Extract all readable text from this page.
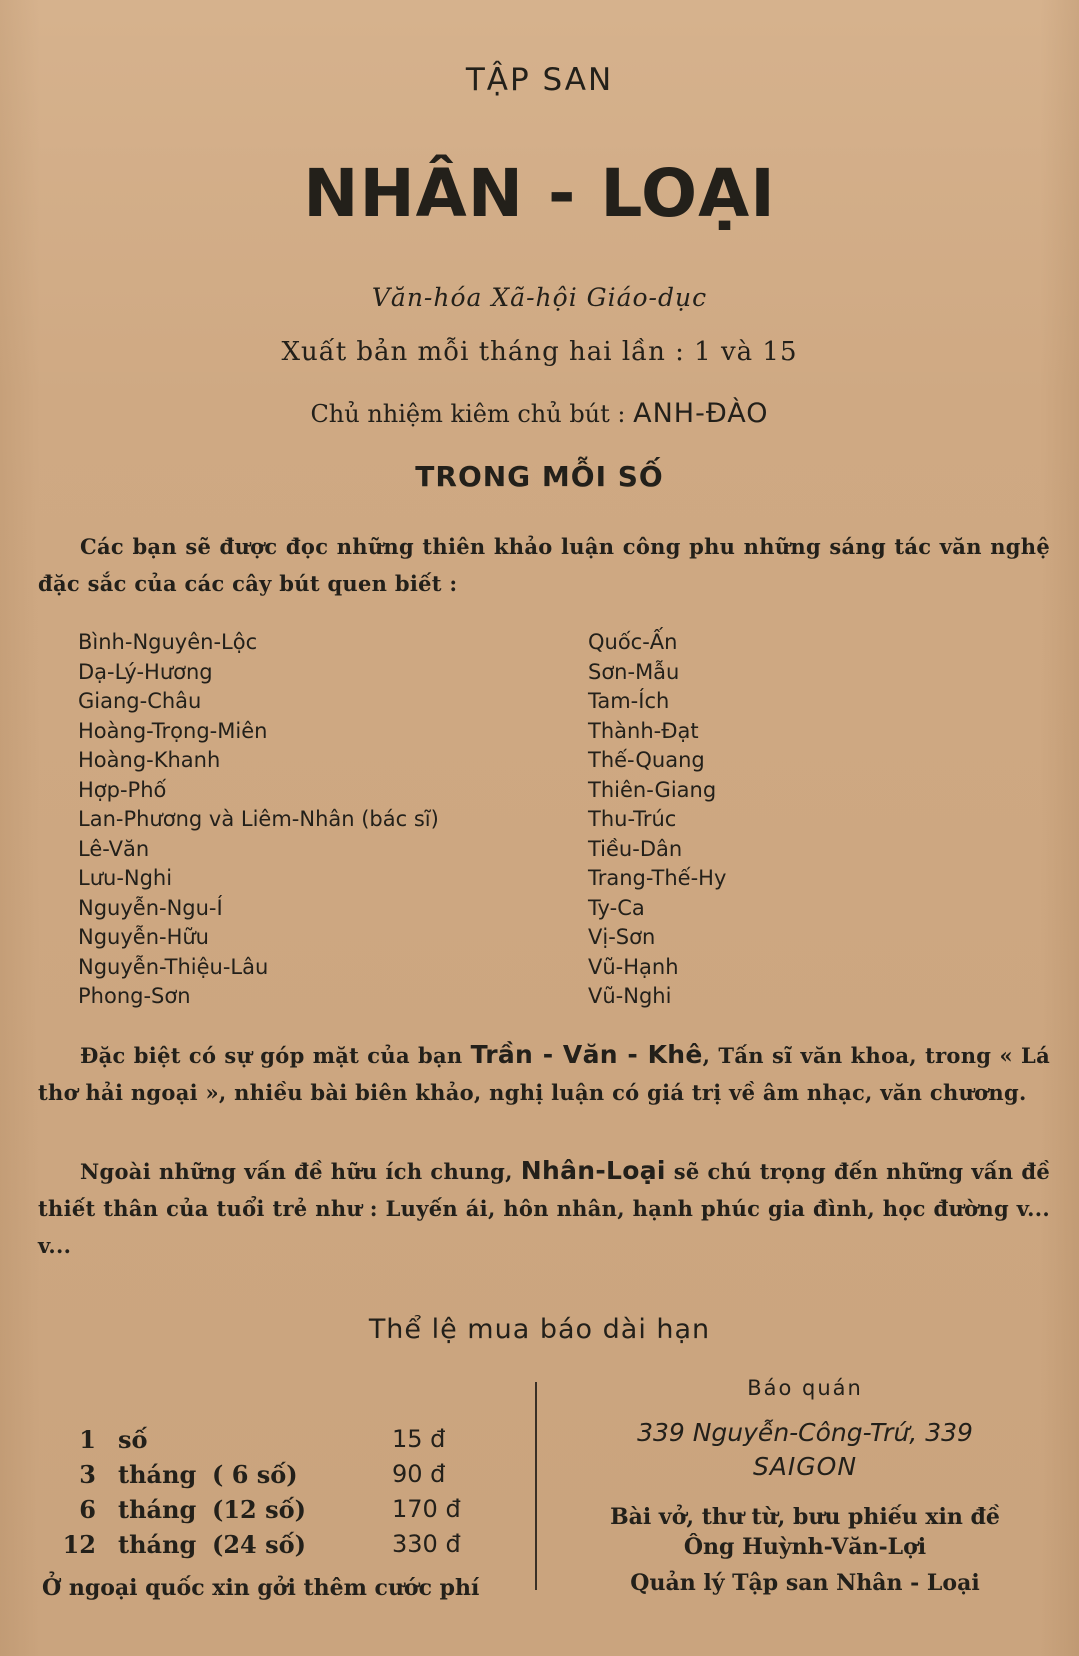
TẬP SAN
NHÂN - LOẠI
Văn-hóa Xã-hội Giáo-dục
Xuất bản mỗi tháng hai lần : 1 và 15
Chủ nhiệm kiêm chủ bút : ANH-ĐÀO
TRONG MỖI SỐ
Các bạn sẽ được đọc những thiên khảo luận công phu những sáng tác văn nghệ đặc sắc của các cây bút quen biết :
Bình-Nguyên-Lộc
Dạ-Lý-Hương
Giang-Châu
Hoàng-Trọng-Miên
Hoàng-Khanh
Hợp-Phố
Lan-Phương và Liêm-Nhân (bác sĩ)
Lê-Văn
Lưu-Nghi
Nguyễn-Ngu-Í
Nguyễn-Hữu
Nguyễn-Thiệu-Lâu
Phong-Sơn
Quốc-Ấn
Sơn-Mẫu
Tam-Ích
Thành-Đạt
Thế-Quang
Thiên-Giang
Thu-Trúc
Tiều-Dân
Trang-Thế-Hy
Ty-Ca
Vị-Sơn
Vũ-Hạnh
Vũ-Nghi
Đặc biệt có sự góp mặt của bạn Trần - Văn - Khê, Tấn sĩ văn khoa, trong « Lá thơ hải ngoại », nhiều bài biên khảo, nghị luận có giá trị về âm nhạc, văn chương.
Ngoài những vấn đề hữu ích chung, Nhân-Loại sẽ chú trọng đến những vấn đề thiết thân của tuổi trẻ như : Luyến ái, hôn nhân, hạnh phúc gia đình, học đường v... v...
Thể lệ mua báo dài hạn
1 số	15 đ
3 tháng ( 6 số)	90 đ
6 tháng (12 số)	170 đ
12 tháng (24 số)	330 đ
Ở ngoại quốc xin gởi thêm cước phí
Báo quán
339 Nguyễn-Công-Trứ, 339
SAIGON
Bài vở, thư từ, bưu phiếu xin đề
Ông Huỳnh-Văn-Lợi
Quản lý Tập san Nhân - Loại
